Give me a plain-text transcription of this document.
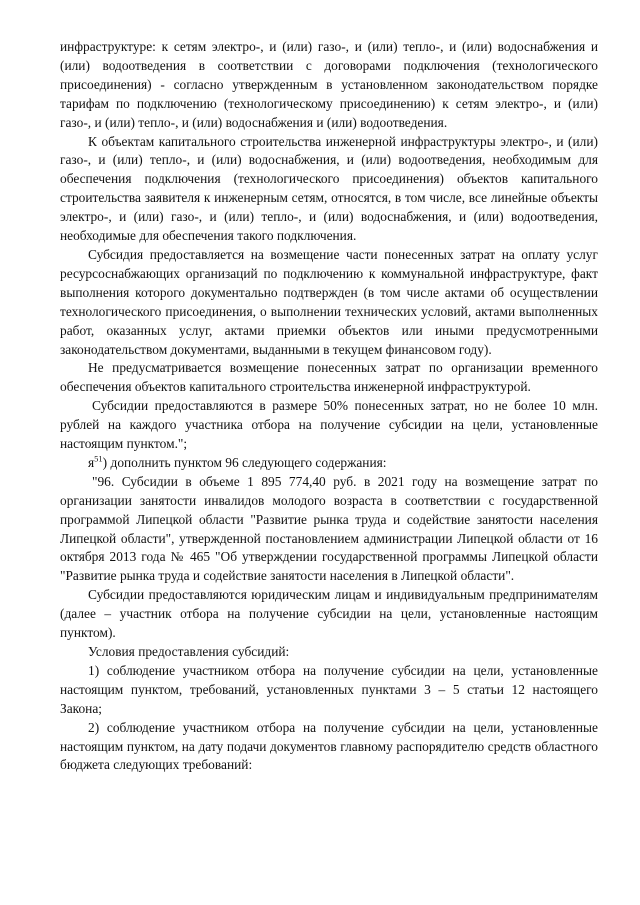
инфраструктуре: к сетям электро-, и (или) газо-, и (или) тепло-, и (или) водоснабжения и (или) водоотведения в соответствии с договорами подключения (технологического присоединения) - согласно утвержденным в установленном законодательством порядке тарифам по подключению (технологическому присоединению) к сетям электро-, и (или) газо-, и (или) тепло-, и (или) водоснабжения и (или) водоотведения.

К объектам капитального строительства инженерной инфраструктуры электро-, и (или) газо-, и (или) тепло-, и (или) водоснабжения, и (или) водоотведения, необходимым для обеспечения подключения (технологического присоединения) объектов капитального строительства заявителя к инженерным сетям, относятся, в том числе, все линейные объекты электро-, и (или) газо-, и (или) тепло-, и (или) водоснабжения, и (или) водоотведения, необходимые для обеспечения такого подключения.

Субсидия предоставляется на возмещение части понесенных затрат на оплату услуг ресурсоснабжающих организаций по подключению к коммунальной инфраструктуре, факт выполнения которого документально подтвержден (в том числе актами об осуществлении технологического присоединения, о выполнении технических условий, актами выполненных работ, оказанных услуг, актами приемки объектов или иными предусмотренными законодательством документами, выданными в текущем финансовом году).

Не предусматривается возмещение понесенных затрат по организации временного обеспечения объектов капитального строительства инженерной инфраструктурой.

Субсидии предоставляются в размере 50% понесенных затрат, но не более 10 млн. рублей на каждого участника отбора на получение субсидии на цели, установленные настоящим пунктом.";

$я^{51}$) дополнить пунктом 96 следующего содержания:

"96. Субсидии в объеме 1 895 774,40 руб. в 2021 году на возмещение затрат по организации занятости инвалидов молодого возраста в соответствии с государственной программой Липецкой области "Развитие рынка труда и содействие занятости населения Липецкой области", утвержденной постановлением администрации Липецкой области от 16 октября 2013 года № 465 "Об утверждении государственной программы Липецкой области "Развитие рынка труда и содействие занятости населения в Липецкой области".

Субсидии предоставляются юридическим лицам и индивидуальным предпринимателям (далее – участник отбора на получение субсидии на цели, установленные настоящим пунктом).

Условия предоставления субсидий:

1) соблюдение участником отбора на получение субсидии на цели, установленные настоящим пунктом, требований, установленных пунктами 3 – 5 статьи 12 настоящего Закона;

2) соблюдение участником отбора на получение субсидии на цели, установленные настоящим пунктом, на дату подачи документов главному распорядителю средств областного бюджета следующих требований:
